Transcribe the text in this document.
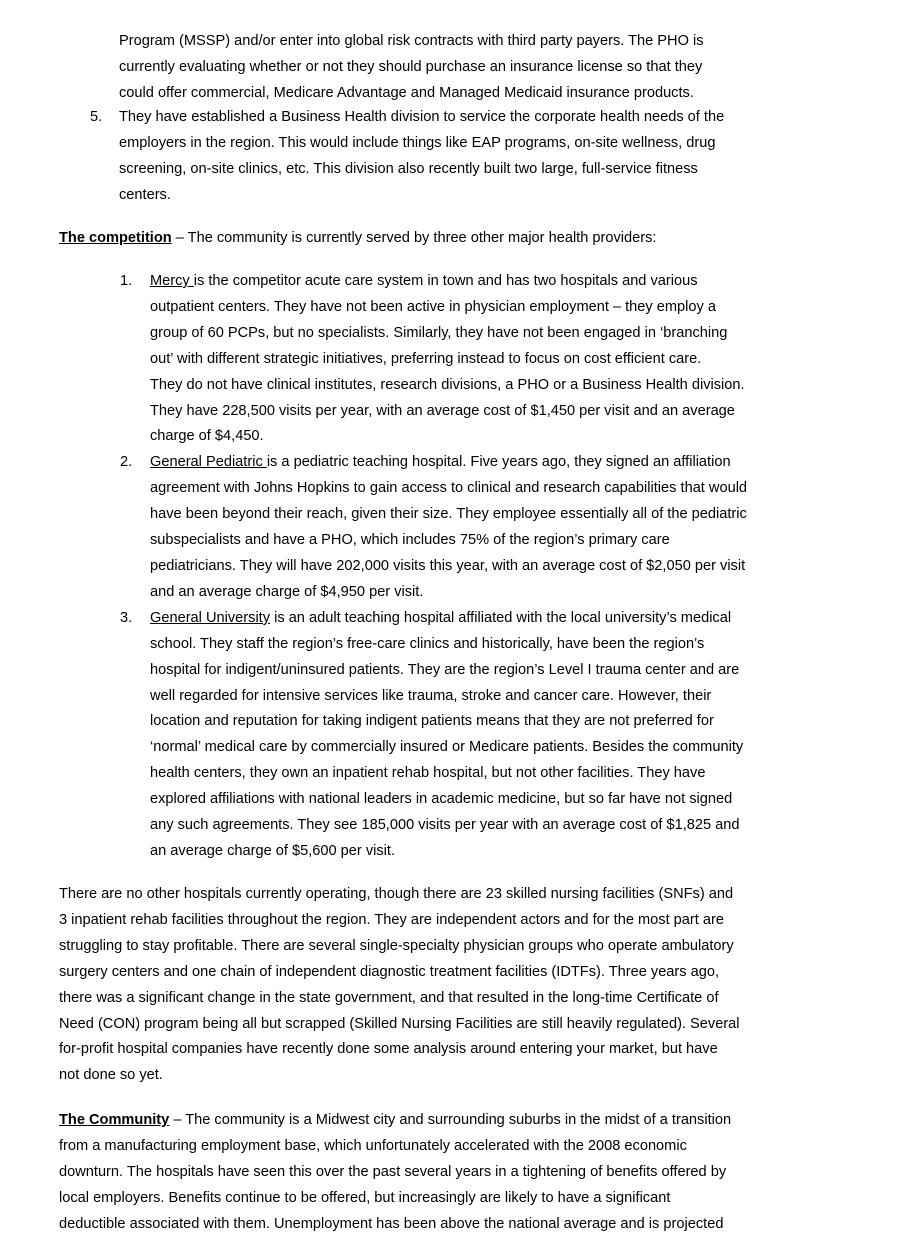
Program (MSSP) and/or enter into global risk contracts with third party payers. The PHO is
currently evaluating whether or not they should purchase an insurance license so that they
could offer commercial, Medicare Advantage and Managed Medicaid insurance products.
5. They have established a Business Health division to service the corporate health needs of the
employers in the region. This would include things like EAP programs, on-site wellness, drug
screening, on-site clinics, etc. This division also recently built two large, full-service fitness
centers.
The competition – The community is currently served by three other major health providers:
1. Mercy is the competitor acute care system in town and has two hospitals and various
outpatient centers. They have not been active in physician employment – they employ a
group of 60 PCPs, but no specialists. Similarly, they have not been engaged in ‘branching
out’ with different strategic initiatives, preferring instead to focus on cost efficient care.
They do not have clinical institutes, research divisions, a PHO or a Business Health division.
They have 228,500 visits per year, with an average cost of $1,450 per visit and an average
charge of $4,450.
2. General Pediatric is a pediatric teaching hospital. Five years ago, they signed an affiliation
agreement with Johns Hopkins to gain access to clinical and research capabilities that would
have been beyond their reach, given their size. They employee essentially all of the pediatric
subspecialists and have a PHO, which includes 75% of the region’s primary care
pediatricians. They will have 202,000 visits this year, with an average cost of $2,050 per visit
and an average charge of $4,950 per visit.
3. General University is an adult teaching hospital affiliated with the local university’s medical
school. They staff the region’s free-care clinics and historically, have been the region’s
hospital for indigent/uninsured patients. They are the region’s Level I trauma center and are
well regarded for intensive services like trauma, stroke and cancer care. However, their
location and reputation for taking indigent patients means that they are not preferred for
‘normal’ medical care by commercially insured or Medicare patients. Besides the community
health centers, they own an inpatient rehab hospital, but not other facilities. They have
explored affiliations with national leaders in academic medicine, but so far have not signed
any such agreements. They see 185,000 visits per year with an average cost of $1,825 and
an average charge of $5,600 per visit.
There are no other hospitals currently operating, though there are 23 skilled nursing facilities (SNFs) and
3 inpatient rehab facilities throughout the region. They are independent actors and for the most part are
struggling to stay profitable. There are several single-specialty physician groups who operate ambulatory
surgery centers and one chain of independent diagnostic treatment facilities (IDTFs). Three years ago,
there was a significant change in the state government, and that resulted in the long-time Certificate of
Need (CON) program being all but scrapped (Skilled Nursing Facilities are still heavily regulated). Several
for-profit hospital companies have recently done some analysis around entering your market, but have
not done so yet.
The Community – The community is a Midwest city and surrounding suburbs in the midst of a transition
from a manufacturing employment base, which unfortunately accelerated with the 2008 economic
downturn. The hospitals have seen this over the past several years in a tightening of benefits offered by
local employers. Benefits continue to be offered, but increasingly are likely to have a significant
deductible associated with them. Unemployment has been above the national average and is projected
